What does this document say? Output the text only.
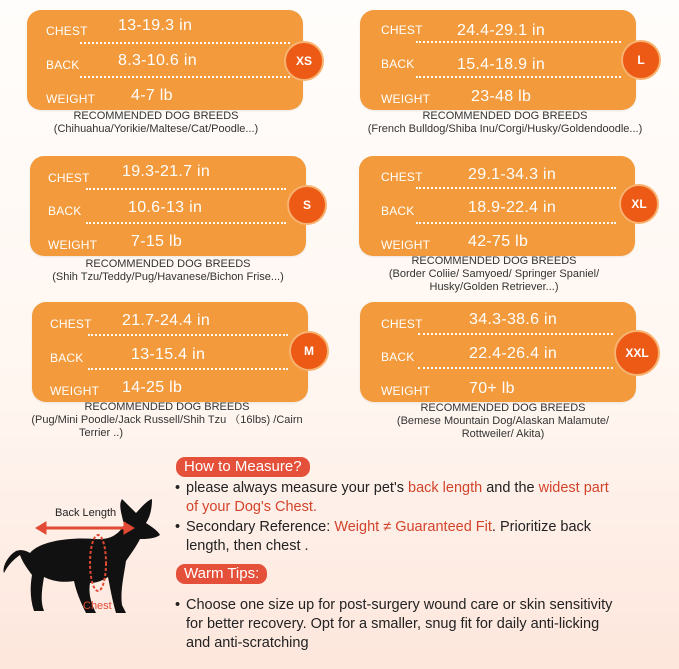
CHEST 13-19.3 in
BACK 8.3-10.6 in
WEIGHT 4-7 lb
XS
RECOMMENDED DOG BREEDS
(Chihuahua/Yorikie/Maltese/Cat/Poodle...)
CHEST 24.4-29.1 in
BACK	15.4-18.9 in
WEIGHT	23-48 lb
L
RECOMMENDED DOG BREEDS
(French Bulldog/Shiba Inu/Corgi/Husky/Goldendoodle...)
CHEST 19.3-21.7 in
BACK	10.6-13 in
WEIGHT 7-15 lb
S
RECOMMENDED DOG BREEDS
(Shih Tzu/Teddy/Pug/Havanese/Bichon Frise...)
CHEST	29.1-34.3 in
BACK	18.9-22.4 in
WEIGHT 42-75 lb
XL
RECOMMENDED DOG BREEDS
(Border Coliie/ Samyoed/ Springer Spaniel/
Husky/Golden Retriever...)
CHEST 21.7-24.4 in
BACK	13-15.4 in
WEIGHT 14-25 lb
M
RECOMMENDED DOG BREEDS
(Pug/Mini Poodle/Jack Russell/Shih Tzu （16lbs) /Cairn
Terrier ..)
CHEST	34.3-38.6 in
BACK	22.4-26.4 in
WEIGHT 70+ lb
XXL
RECOMMENDED DOG BREEDS
(Bemese Mountain Dog/Alaskan Malamute/
Rottweiler/ Akita)
How to Measure?
• please always measure your pet's back length and the widest part
of your Dog's Chest.
• Secondary Reference: Weight ≠ Guaranteed Fit. Prioritize back
length, then chest .
Back Length
Chest
Warm Tips:
• Choose one size up for post-surgery wound care or skin sensitivity
for better recovery. Opt for a smaller, snug fit for daily anti-licking
and anti-scratching
